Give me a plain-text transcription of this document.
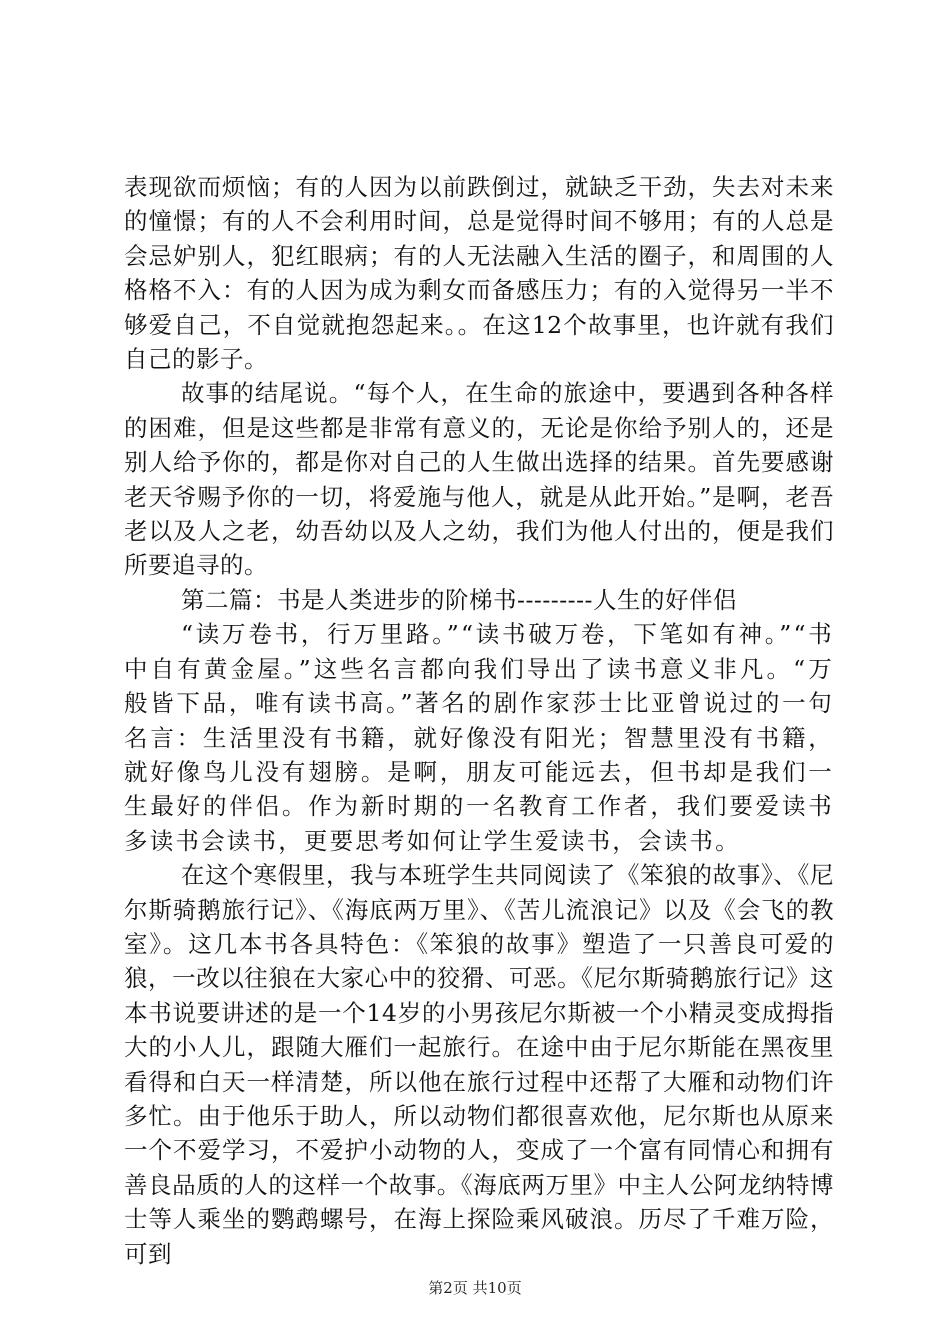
表现欲而烦恼；有的人因为以前跌倒过，就缺乏干劲，失去对未来的憧憬；有的人不会利用时间，总是觉得时间不够用；有的人总是会忌妒别人，犯红眼病；有的人无法融入生活的圈子，和周围的人格格不入：有的人因为成为剩女而备感压力；有的入觉得另一半不够爱自己，不自觉就抱怨起来。。在这12个故事里，也许就有我们自己的影子。

故事的结尾说。“每个人，在生命的旅途中，要遇到各种各样的困难，但是这些都是非常有意义的，无论是你给予别人的，还是别人给予你的，都是你对自己的人生做出选择的结果。首先要感谢老天爷赐予你的一切，将爱施与他人，就是从此开始。”是啊，老吾老以及人之老，幼吾幼以及人之幼，我们为他人付出的，便是我们所要追寻的。

第二篇：书是人类进步的阶梯书---------人生的好伴侣

“读万卷书，行万里路。”“读书破万卷，下笔如有神。”“书中自有黄金屋。”这些名言都向我们导出了读书意义非凡。“万般皆下品，唯有读书高。”著名的剧作家莎士比亚曾说过的一句名言：生活里没有书籍，就好像没有阳光；智慧里没有书籍，就好像鸟儿没有翅膀。是啊，朋友可能远去，但书却是我们一生最好的伴侣。作为新时期的一名教育工作者，我们要爱读书多读书会读书，更要思考如何让学生爱读书，会读书。

在这个寒假里，我与本班学生共同阅读了《笨狼的故事》、《尼尔斯骑鹅旅行记》、《海底两万里》、《苦儿流浪记》以及《会飞的教室》。这几本书各具特色：《笨狼的故事》塑造了一只善良可爱的狼，一改以往狼在大家心中的狡猾、可恶。《尼尔斯骑鹅旅行记》这本书说要讲述的是一个14岁的小男孩尼尔斯被一个小精灵变成拇指大的小人儿，跟随大雁们一起旅行。在途中由于尼尔斯能在黑夜里看得和白天一样清楚，所以他在旅行过程中还帮了大雁和动物们许多忙。由于他乐于助人，所以动物们都很喜欢他，尼尔斯也从原来一个不爱学习，不爱护小动物的人，变成了一个富有同情心和拥有善良品质的人的这样一个故事。《海底两万里》中主人公阿龙纳特博士等人乘坐的鹦鹉螺号，在海上探险乘风破浪。历尽了千难万险，可到

第2页 共10页
